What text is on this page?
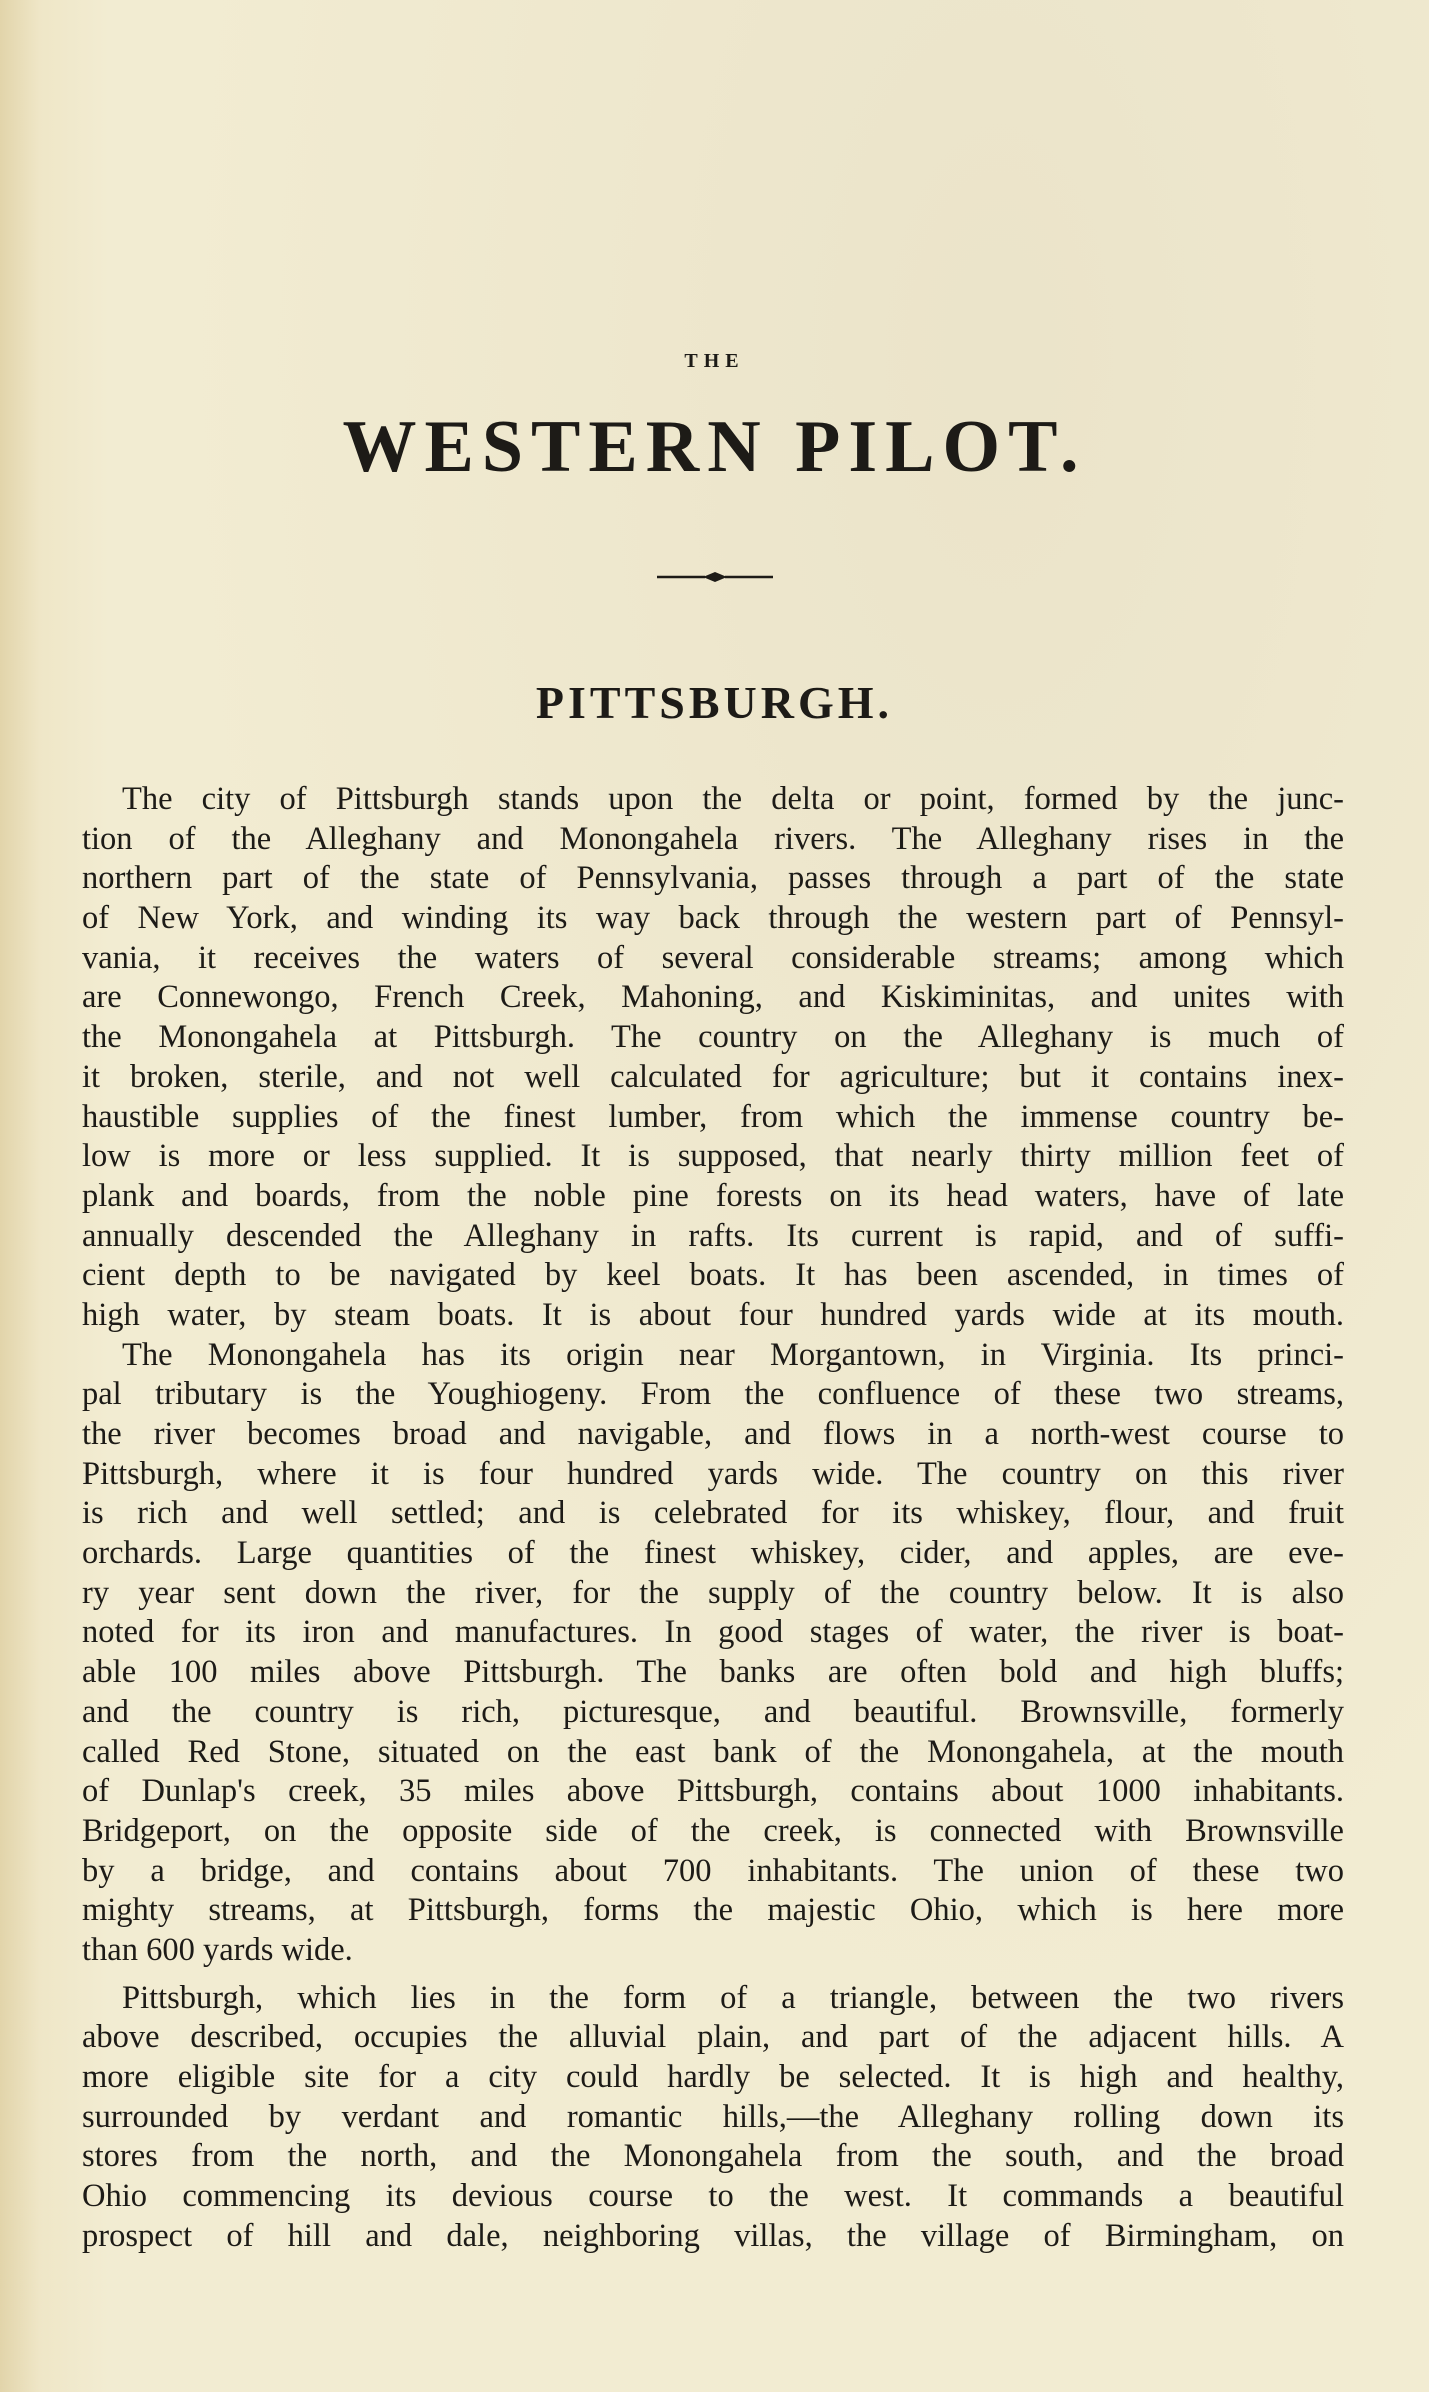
THE
WESTERN PILOT.
PITTSBURGH.
The city of Pittsburgh stands upon the delta or point, formed by the junc-
tion of the Alleghany and Monongahela rivers. The Alleghany rises in the
northern part of the state of Pennsylvania, passes through a part of the state
of New York, and winding its way back through the western part of Pennsyl-
vania, it receives the waters of several considerable streams; among which
are Connewongo, French Creek, Mahoning, and Kiskiminitas, and unites with
the Monongahela at Pittsburgh. The country on the Alleghany is much of
it broken, sterile, and not well calculated for agriculture; but it contains inex-
haustible supplies of the finest lumber, from which the immense country be-
low is more or less supplied. It is supposed, that nearly thirty million feet of
plank and boards, from the noble pine forests on its head waters, have of late
annually descended the Alleghany in rafts. Its current is rapid, and of suffi-
cient depth to be navigated by keel boats. It has been ascended, in times of
high water, by steam boats. It is about four hundred yards wide at its mouth.
The Monongahela has its origin near Morgantown, in Virginia. Its princi-
pal tributary is the Youghiogeny. From the confluence of these two streams,
the river becomes broad and navigable, and flows in a north-west course to
Pittsburgh, where it is four hundred yards wide. The country on this river
is rich and well settled; and is celebrated for its whiskey, flour, and fruit
orchards. Large quantities of the finest whiskey, cider, and apples, are eve-
ry year sent down the river, for the supply of the country below. It is also
noted for its iron and manufactures. In good stages of water, the river is boat-
able 100 miles above Pittsburgh. The banks are often bold and high bluffs;
and the country is rich, picturesque, and beautiful. Brownsville, formerly
called Red Stone, situated on the east bank of the Monongahela, at the mouth
of Dunlap's creek, 35 miles above Pittsburgh, contains about 1000 inhabitants.
Bridgeport, on the opposite side of the creek, is connected with Brownsville
by a bridge, and contains about 700 inhabitants. The union of these two
mighty streams, at Pittsburgh, forms the majestic Ohio, which is here more
than 600 yards wide.
Pittsburgh, which lies in the form of a triangle, between the two rivers
above described, occupies the alluvial plain, and part of the adjacent hills. A
more eligible site for a city could hardly be selected. It is high and healthy,
surrounded by verdant and romantic hills,—the Alleghany rolling down its
stores from the north, and the Monongahela from the south, and the broad
Ohio commencing its devious course to the west. It commands a beautiful
prospect of hill and dale, neighboring villas, the village of Birmingham, on
